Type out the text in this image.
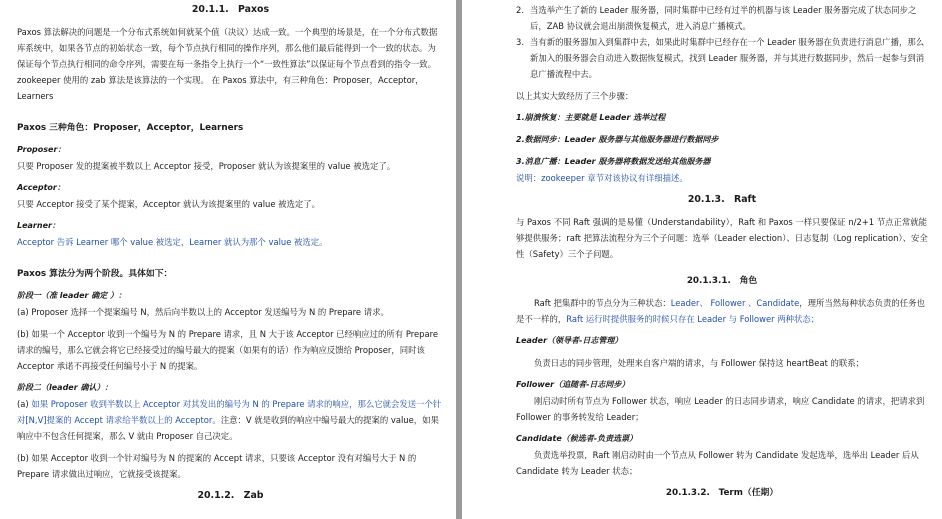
20.1.1.　Paxos

Paxos 算法解决的问题是一个分布式系统如何就某个值（决议）达成一致。一个典型的场景是，在一个分布式数据库系统中，如果各节点的初始状态一致，每个节点执行相同的操作序列，那么他们最后能得到一个一致的状态。为保证每个节点执行相同的命令序列，需要在每一条指令上执行一个“一致性算法”以保证每个节点看到的指令一致。zookeeper 使用的 zab 算法是该算法的一个实现。 在 Paxos 算法中，有三种角色：Proposer，Acceptor，Learners

Paxos 三种角色：Proposer，Acceptor，Learners

Proposer：

只要 Proposer 发的提案被半数以上 Acceptor 接受，Proposer 就认为该提案里的 value 被选定了。

Acceptor：

只要 Acceptor 接受了某个提案，Acceptor 就认为该提案里的 value 被选定了。

Learner：

Acceptor 告诉 Learner 哪个 value 被选定，Learner 就认为那个 value 被选定。

Paxos 算法分为两个阶段。具体如下：

阶段一（准 leader 确定 ）：

(a) Proposer 选择一个提案编号 N，然后向半数以上的 Acceptor 发送编号为 N 的 Prepare 请求。

(b) 如果一个 Acceptor 收到一个编号为 N 的 Prepare 请求，且 N 大于该 Acceptor 已经响应过的所有 Prepare 请求的编号，那么它就会将它已经接受过的编号最大的提案（如果有的话）作为响应反馈给 Proposer，同时该 Acceptor 承诺不再接受任何编号小于 N 的提案。

阶段二（leader 确认）：

(a) 如果 Proposer 收到半数以上 Acceptor 对其发出的编号为 N 的 Prepare 请求的响应，那么它就会发送一个针对[N,V]提案的 Accept 请求给半数以上的 Acceptor。注意：V 就是收到的响应中编号最大的提案的 value，如果响应中不包含任何提案，那么 V 就由 Proposer 自己决定。

(b) 如果 Acceptor 收到一个针对编号为 N 的提案的 Accept 请求，只要该 Acceptor 没有对编号大于 N 的 Prepare 请求做出过响应，它就接受该提案。

20.1.2.　Zab

2. 当选举产生了新的 Leader 服务器，同时集群中已经有过半的机器与该 Leader 服务器完成了状态同步之后，ZAB 协议就会退出崩溃恢复模式，进入消息广播模式。
3. 当有新的服务器加入到集群中去，如果此时集群中已经存在一个 Leader 服务器在负责进行消息广播，那么新加入的服务器会自动进入数据恢复模式，找到 Leader 服务器，并与其进行数据同步，然后一起参与到消息广播流程中去。

以上其实大致经历了三个步骤：

1.崩溃恢复：主要就是 Leader 选举过程

2.数据同步：Leader 服务器与其他服务器进行数据同步

3.消息广播：Leader 服务器将数据发送给其他服务器

说明：zookeeper 章节对该协议有详细描述。

20.1.3.　Raft

与 Paxos 不同 Raft 强调的是易懂（Understandability），Raft 和 Paxos 一样只要保证 n/2+1 节点正常就能够提供服务；raft 把算法流程分为三个子问题：选举（Leader election）、日志复制（Log replication）、安全性（Safety）三个子问题。

20.1.3.1.　角色

Raft 把集群中的节点分为三种状态：Leader、 Follower 、Candidate，理所当然每种状态负责的任务也是不一样的，Raft 运行时提供服务的时候只存在 Leader 与 Follower 两种状态；

Leader（领导者-日志管理）

负责日志的同步管理，处理来自客户端的请求，与 Follower 保持这 heartBeat 的联系；

Follower（追随者-日志同步）

刚启动时所有节点为 Follower 状态，响应 Leader 的日志同步请求，响应 Candidate 的请求，把请求到 Follower 的事务转发给 Leader；

Candidate（候选者-负责选票）

负责选举投票，Raft 刚启动时由一个节点从 Follower 转为 Candidate 发起选举，选举出 Leader 后从 Candidate 转为 Leader 状态；

20.1.3.2.　Term（任期）
